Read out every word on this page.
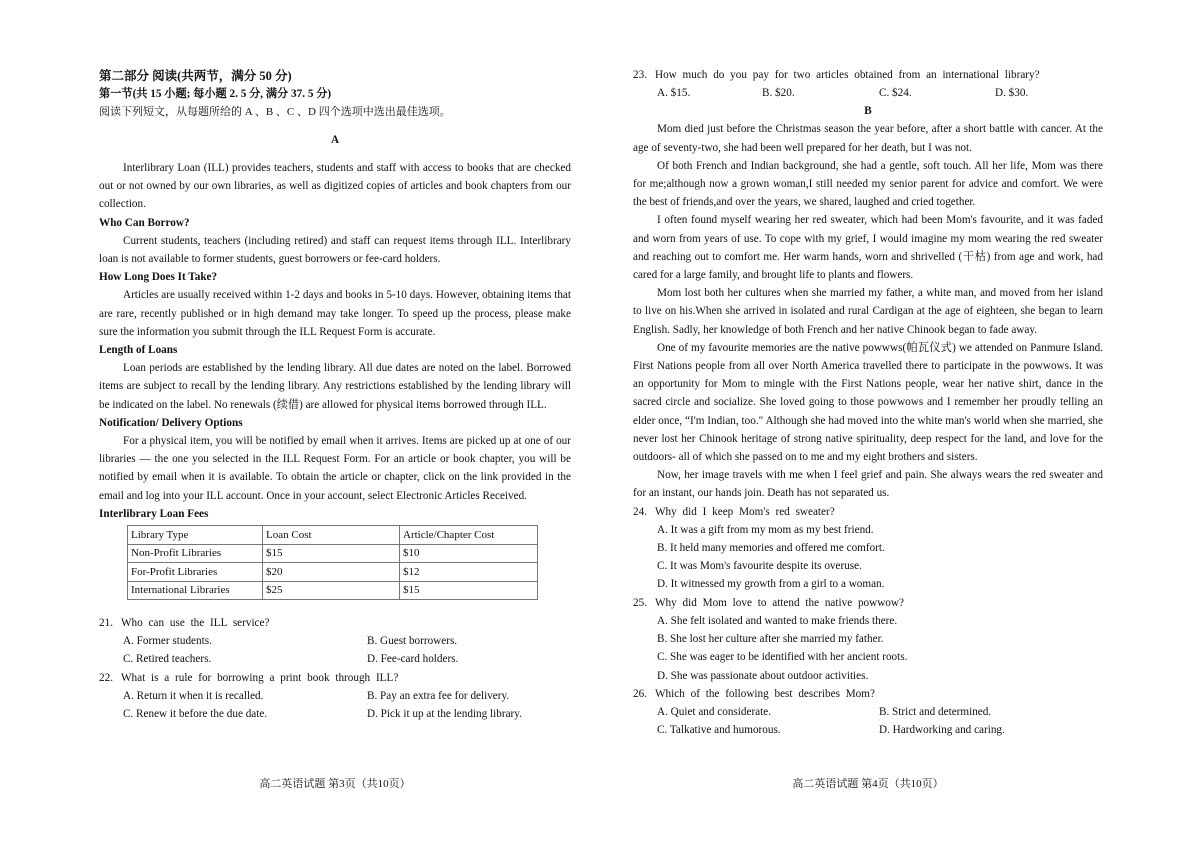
第二部分 阅读(共两节，满分 50 分)

第一节(共 15 小题; 每小题 2. 5 分, 满分 37. 5 分)

阅读下列短文，从每题所给的 A 、B 、C 、D 四个选项中选出最佳选项。

A

Interlibrary Loan (ILL) provides teachers, students and staff with access to books that are checked out or not owned by our own libraries, as well as digitized copies of articles and book chapters from our collection.

Who Can Borrow?

Current students, teachers (including retired) and staff can request items through ILL. Interlibrary loan is not available to former students, guest borrowers or fee-card holders.

How Long Does It Take?

Articles are usually received within 1-2 days and books in 5-10 days. However, obtaining items that are rare, recently published or in high demand may take longer. To speed up the process, please make sure the information you submit through the ILL Request Form is accurate.

Length of Loans

Loan periods are established by the lending library. All due dates are noted on the label. Borrowed items are subject to recall by the lending library. Any restrictions established by the lending library will be indicated on the label. No renewals (续借) are allowed for physical items borrowed through ILL.

Notification/ Delivery Options

For a physical item, you will be notified by email when it arrives. Items are picked up at one of our libraries — the one you selected in the ILL Request Form. For an article or book chapter, you will be notified by email when it is available. To obtain the article or chapter, click on the link provided in the email and log into your ILL account. Once in your account, select Electronic Articles Received.

Interlibrary Loan Fees

Library Type	Loan Cost	Article/Chapter Cost
Non-Profit Libraries	$15	$10
For-Profit Libraries	$20	$12
International Libraries	$25	$15
21. Who can use the ILL service?
A. Former students.	B. Guest borrowers.
C. Retired teachers.	D. Fee-card holders.
22. What is a rule for borrowing a print book through ILL?
A. Return it when it is recalled.	B. Pay an extra fee for delivery.
C. Renew it before the due date.	D. Pick it up at the lending library.
高二英语试题 第3页（共10页）
23. How much do you pay for two articles obtained from an international library?
A. $15.	B. $20.	C. $24.	D. $30.

B

Mom died just before the Christmas season the year before, after a short battle with cancer. At the age of seventy-two, she had been well prepared for her death, but I was not.

Of both French and Indian background, she had a gentle, soft touch. All her life, Mom was there for me;although now a grown woman,I still needed my senior parent for advice and comfort. We were the best of friends,and over the years, we shared, laughed and cried together.

I often found myself wearing her red sweater, which had been Mom's favourite, and it was faded and worn from years of use. To cope with my grief, I would imagine my mom wearing the red sweater and reaching out to comfort me. Her warm hands, worn and shrivelled (干枯) from age and work, had cared for a large family, and brought life to plants and flowers.

Mom lost both her cultures when she married my father, a white man, and moved from her island to live on his.When she arrived in isolated and rural Cardigan at the age of eighteen, she began to learn English. Sadly, her knowledge of both French and her native Chinook began to fade away.

One of my favourite memories are the native powwws(帕瓦仪式) we attended on Panmure Island. First Nations people from all over North America travelled there to participate in the powwows. It was an opportunity for Mom to mingle with the First Nations people, wear her native shirt, dance in the sacred circle and socialize. She loved going to those powwows and I remember her proudly telling an elder once, “I'm Indian, too." Although she had moved into the white man's world when she married, she never lost her Chinook heritage of strong native spirituality, deep respect for the land, and love for the outdoors- all of which she passed on to me and my eight brothers and sisters.

Now, her image travels with me when I feel grief and pain. She always wears the red sweater and for an instant, our hands join. Death has not separated us.

24. Why did I keep Mom's red sweater?
A. It was a gift from my mom as my best friend.
B. It held many memories and offered me comfort.
C. It was Mom's favourite despite its overuse.
D. It witnessed my growth from a girl to a woman.
25. Why did Mom love to attend the native powwow?
A. She felt isolated and wanted to make friends there.
B. She lost her culture after she married my father.
C. She was eager to be identified with her ancient roots.
D. She was passionate about outdoor activities.
26. Which of the following best describes Mom?
A. Quiet and considerate.	B. Strict and determined.
C. Talkative and humorous.	D. Hardworking and caring.
高二英语试题 第4页（共10页）
